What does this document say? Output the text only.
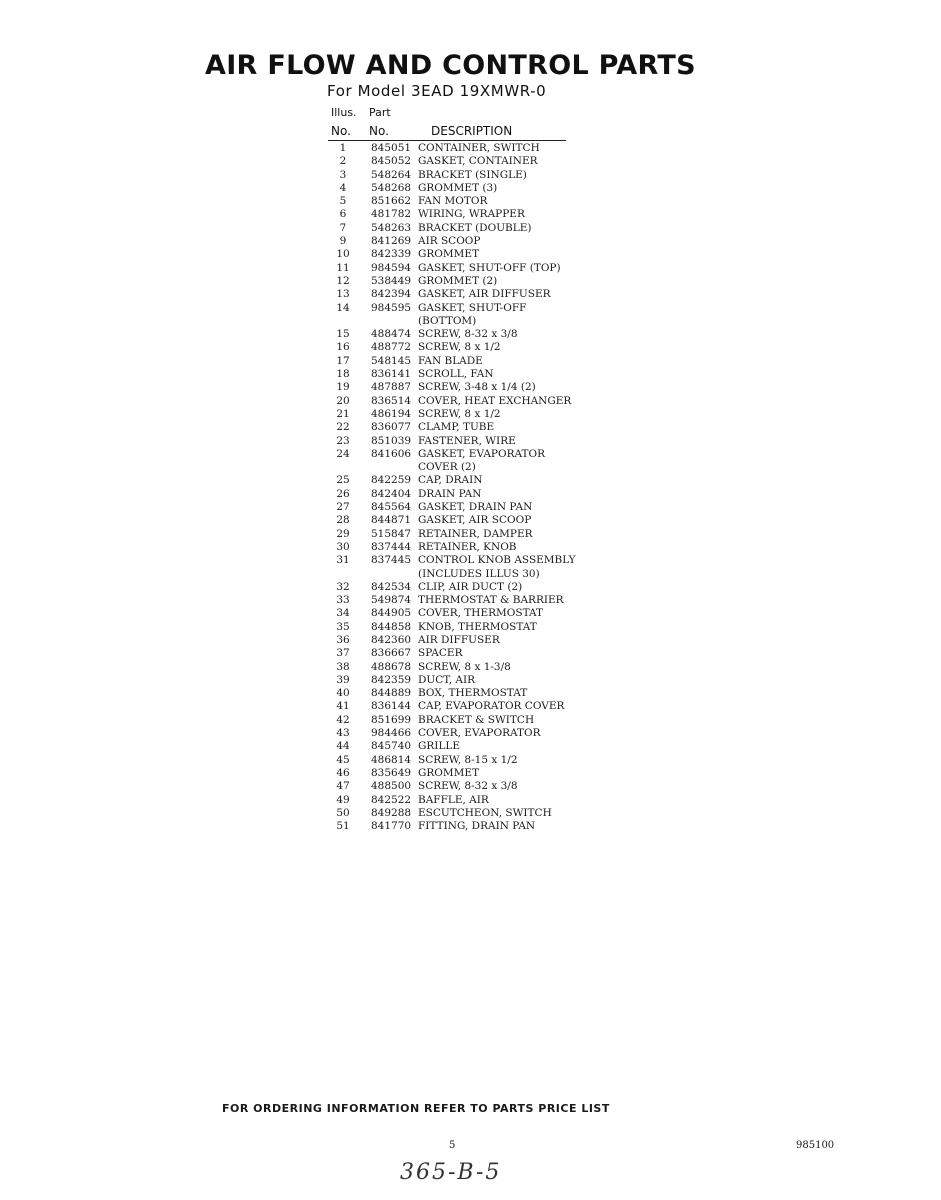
AIR FLOW AND CONTROL PARTS
For Model 3EAD 19XMWR-0
Illus. Part
No. No.	DESCRIPTION
1	845051 CONTAINER, SWITCH
2	845052 GASKET, CONTAINER
3	548264 BRACKET (SINGLE)
4	548268 GROMMET (3)
5	851662 FAN MOTOR
6	481782 WIRING, WRAPPER
7	548263 BRACKET (DOUBLE)
9	841269 AIR SCOOP
10	842339 GROMMET
11	984594 GASKET, SHUT-OFF (TOP)
12	538449 GROMMET (2)
13	842394 GASKET, AIR DIFFUSER
14	984595 GASKET, SHUT-OFF
(BOTTOM)
15	488474 SCREW, 8-32 x 3/8
16	488772 SCREW, 8 x 1/2
17	548145 FAN BLADE
18	836141 SCROLL, FAN
19	487887 SCREW, 3-48 x 1/4 (2)
20	836514 COVER, HEAT EXCHANGER
21	486194 SCREW, 8 x 1/2
22	836077 CLAMP, TUBE
23	851039 FASTENER, WIRE
24	841606 GASKET, EVAPORATOR
COVER (2)
25	842259 CAP, DRAIN
26	842404 DRAIN PAN
27	845564 GASKET, DRAIN PAN
28	844871 GASKET, AIR SCOOP
29	515847 RETAINER, DAMPER
30	837444 RETAINER, KNOB
31	837445 CONTROL KNOB ASSEMBLY
(INCLUDES ILLUS 30)
32	842534 CLIP, AIR DUCT (2)
33	549874 THERMOSTAT & BARRIER
34	844905 COVER, THERMOSTAT
35	844858 KNOB, THERMOSTAT
36	842360 AIR DIFFUSER
37	836667 SPACER
38	488678 SCREW, 8 x 1-3/8
39	842359 DUCT, AIR
40	844889 BOX, THERMOSTAT
41	836144 CAP, EVAPORATOR COVER
42	851699 BRACKET & SWITCH
43	984466 COVER, EVAPORATOR
44	845740 GRILLE
45	486814 SCREW, 8-15 x 1/2
46	835649 GROMMET
47	488500 SCREW, 8-32 x 3/8
49	842522 BAFFLE, AIR
50	849288 ESCUTCHEON, SWITCH
51	841770 FITTING, DRAIN PAN
FOR ORDERING INFORMATION REFER TO PARTS PRICE LIST
5	985100
365-B-5
